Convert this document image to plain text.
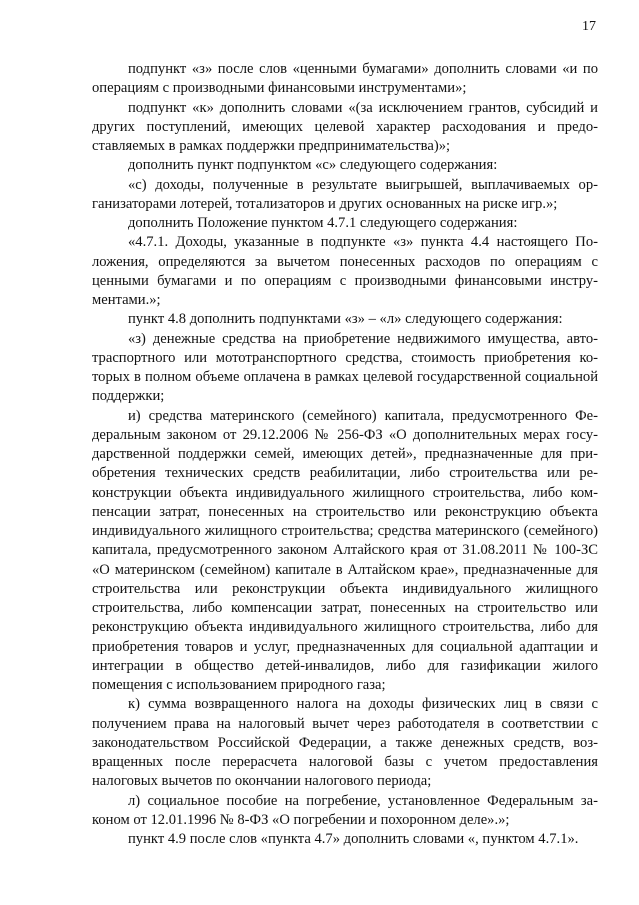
17

подпункт «з» после слов «ценными бумагами» дополнить словами «и по операциям с производными финансовыми инструментами»;

подпункт «к» дополнить словами «(за исключением грантов, субсидий и других поступлений, имеющих целевой характер расходования и предоставляемых в рамках поддержки предпринимательства)»;

дополнить пункт подпунктом «с» следующего содержания:

«с) доходы, полученные в результате выигрышей, выплачиваемых организаторами лотерей, тотализаторов и других основанных на риске игр.»;

дополнить Положение пунктом 4.7.1 следующего содержания:

«4.7.1. Доходы, указанные в подпункте «з» пункта 4.4 настоящего Положения, определяются за вычетом понесенных расходов по операциям с ценными бумагами и по операциям с производными финансовыми инструментами.»;

пункт 4.8 дополнить подпунктами «з» – «л» следующего содержания:

«з) денежные средства на приобретение недвижимого имущества, автотраспортного или мототранспортного средства, стоимость приобретения которых в полном объеме оплачена в рамках целевой государственной социальной поддержки;

и) средства материнского (семейного) капитала, предусмотренного Федеральным законом от 29.12.2006 № 256-ФЗ «О дополнительных мерах государственной поддержки семей, имеющих детей», предназначенные для приобретения технических средств реабилитации, либо строительства или реконструкции объекта индивидуального жилищного строительства, либо компенсации затрат, понесенных на строительство или реконструкцию объекта индивидуального жилищного строительства; средства материнского (семейного) капитала, предусмотренного законом Алтайского края от 31.08.2011 № 100-ЗС «О материнском (семейном) капитале в Алтайском крае», предназначенные для строительства или реконструкции объекта индивидуального жилищного строительства, либо компенсации затрат, понесенных на строительство или реконструкцию объекта индивидуального жилищного строительства, либо для приобретения товаров и услуг, предназначенных для социальной адаптации и интеграции в общество детей-инвалидов, либо для газификации жилого помещения с использованием природного газа;

к) сумма возвращенного налога на доходы физических лиц в связи с получением права на налоговый вычет через работодателя в соответствии с законодательством Российской Федерации, а также денежных средств, возвращенных после перерасчета налоговой базы с учетом предоставления налоговых вычетов по окончании налогового периода;

л) социальное пособие на погребение, установленное Федеральным законом от 12.01.1996 № 8-ФЗ «О погребении и похоронном деле».»;

пункт 4.9 после слов «пункта 4.7» дополнить словами «, пунктом 4.7.1».
